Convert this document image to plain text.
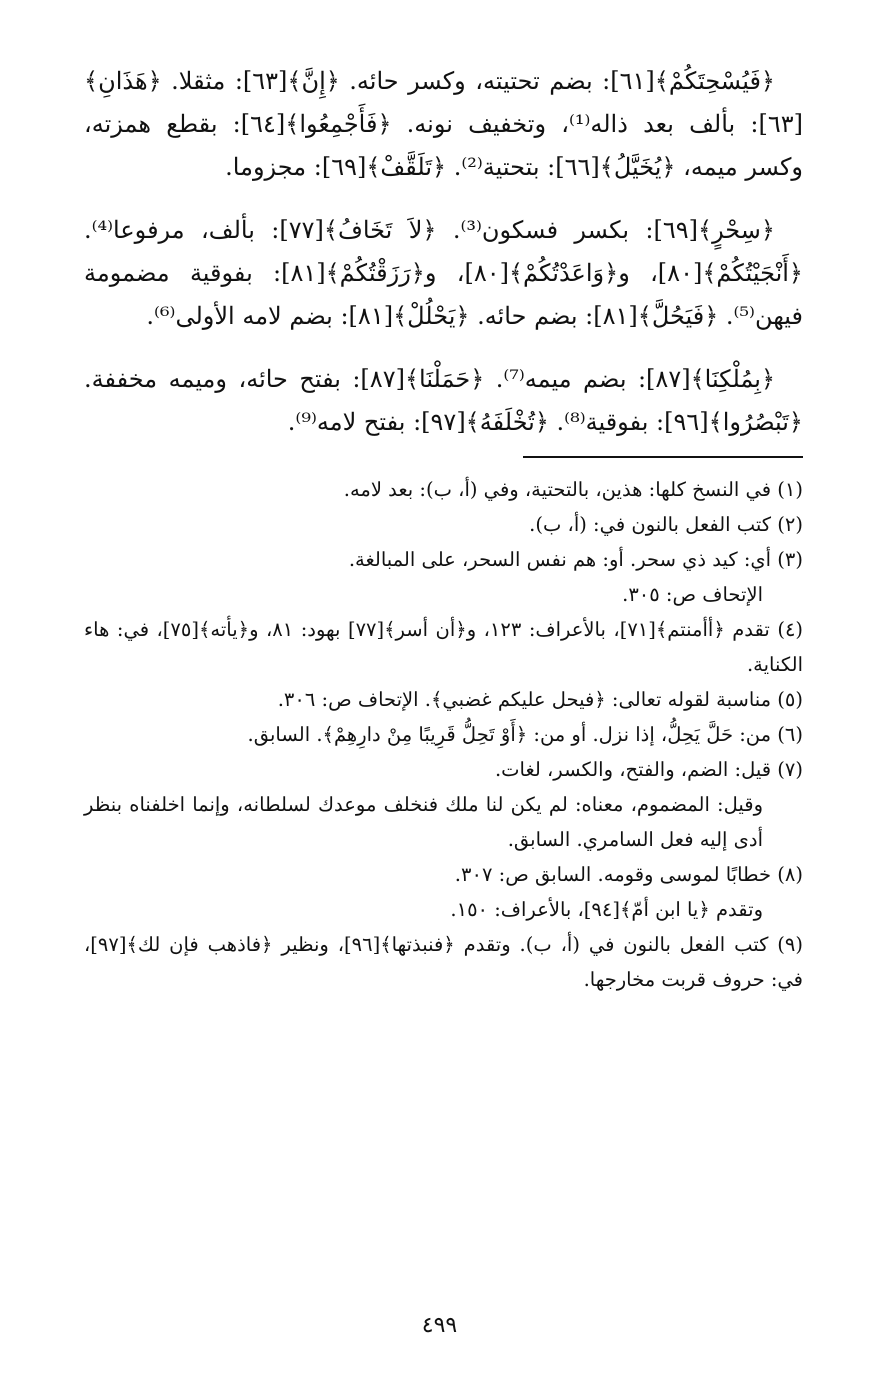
﴿فَيُسْحِتَكُمْ﴾[٦١]: بضم تحتيته، وكسر حائه. ﴿إِنَّ﴾[٦٣]: مثقلا. ﴿هَذَانِ﴾[٦٣]: بألف بعد ذاله⁽¹⁾، وتخفيف نونه. ﴿فَأَجْمِعُوا﴾[٦٤]: بقطع همزته، وكسر ميمه، ﴿يُخَيَّلُ﴾[٦٦]: بتحتية⁽²⁾. ﴿تَلَقَّفْ﴾[٦٩]: مجزوما.

﴿سِحْرٍ﴾[٦٩]: بكسر فسكون⁽³⁾. ﴿لاَ تَخَافُ﴾[٧٧]: بألف، مرفوعا⁽⁴⁾. ﴿أَنْجَيْتُكُمْ﴾[٨٠]، و﴿وَاعَدْتُكُمْ﴾[٨٠]، و﴿رَزَقْتُكُمْ﴾[٨١]: بفوقية مضمومة فيهن⁽⁵⁾. ﴿فَيَحُلَّ﴾[٨١]: بضم حائه. ﴿يَحْلُلْ﴾[٨١]: بضم لامه الأولى⁽⁶⁾.

﴿بِمُلْكِنَا﴾[٨٧]: بضم ميمه⁽⁷⁾. ﴿حَمَلْنَا﴾[٨٧]: بفتح حائه، وميمه مخففة. ﴿تَبْصُرُوا﴾[٩٦]: بفوقية⁽⁸⁾. ﴿تُخْلَفَهُ﴾[٩٧]: بفتح لامه⁽⁹⁾.

(١) في النسخ كلها: هذين، بالتحتية، وفي (أ، ب): بعد لامه.

(٢) كتب الفعل بالنون في: (أ، ب).

(٣) أي: كيد ذي سحر. أو: هم نفس السحر، على المبالغة.

الإتحاف ص: ٣٠٥.

(٤) تقدم ﴿أأمنتم﴾[٧١]، بالأعراف: ١٢٣، و﴿أن أسر﴾[٧٧] بهود: ٨١، و﴿يأته﴾[٧٥]، في: هاء الكناية.

(٥) مناسبة لقوله تعالى: ﴿فيحل عليكم غضبي﴾. الإتحاف ص: ٣٠٦.

(٦) من: حَلَّ يَحِلُّ، إذا نزل. أو من: ﴿أَوْ تَحِلُّ قَرِيبًا مِنْ دارِهِمْ﴾. السابق.

(٧) قيل: الضم، والفتح، والكسر، لغات.

وقيل: المضموم، معناه: لم يكن لنا ملك فنخلف موعدك لسلطانه، وإنما اخلفناه بنظر أدى إليه فعل السامري. السابق.

(٨) خطابًا لموسى وقومه. السابق ص: ٣٠٧.

وتقدم ﴿يا ابن أمّ﴾[٩٤]، بالأعراف: ١٥٠.

(٩) كتب الفعل بالنون في (أ، ب). وتقدم ﴿فنبذتها﴾[٩٦]، ونظير ﴿فاذهب فإن لك﴾[٩٧]، في: حروف قربت مخارجها.

٤٩٩
